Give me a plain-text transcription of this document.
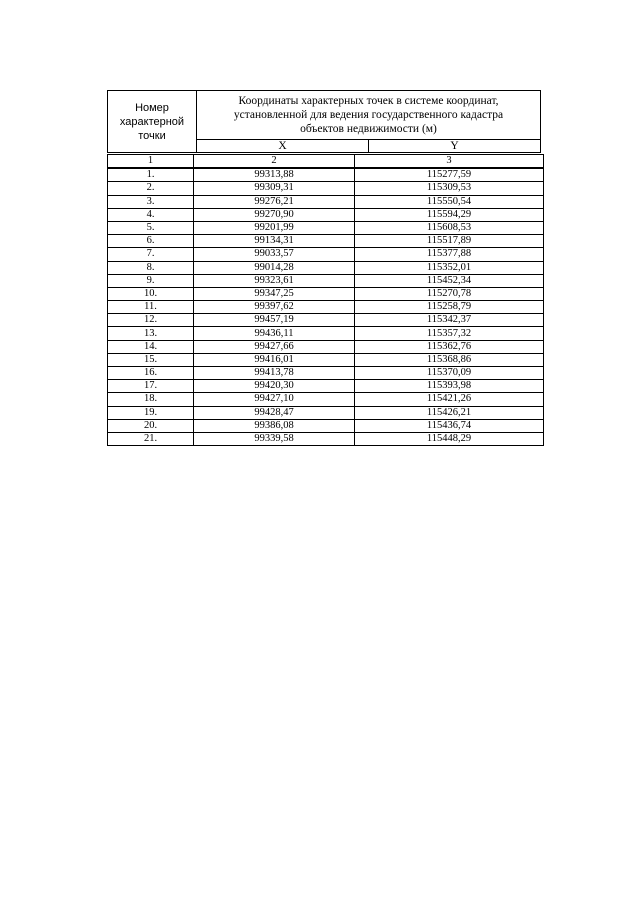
Номер
характерной
точки	Координаты характерных точек в системе координат,
установленной для ведения государственного кадастра
объектов недвижимости (м)	

	X	Y
1	2	3
1.	99313,88	115277,59
2.	99309,31	115309,53
3.	99276,21	115550,54
4.	99270,90	115594,29
5.	99201,99	115608,53
6.	99134,31	115517,89
7.	99033,57	115377,88
8.	99014,28	115352,01
9.	99323,61	115452,34
10.	99347,25	115270,78
11.	99397,62	115258,79
12.	99457,19	115342,37
13.	99436,11	115357,32
14.	99427,66	115362,76
15.	99416,01	115368,86
16.	99413,78	115370,09
17.	99420,30	115393,98
18.	99427,10	115421,26
19.	99428,47	115426,21
20.	99386,08	115436,74
21.	99339,58	115448,29
